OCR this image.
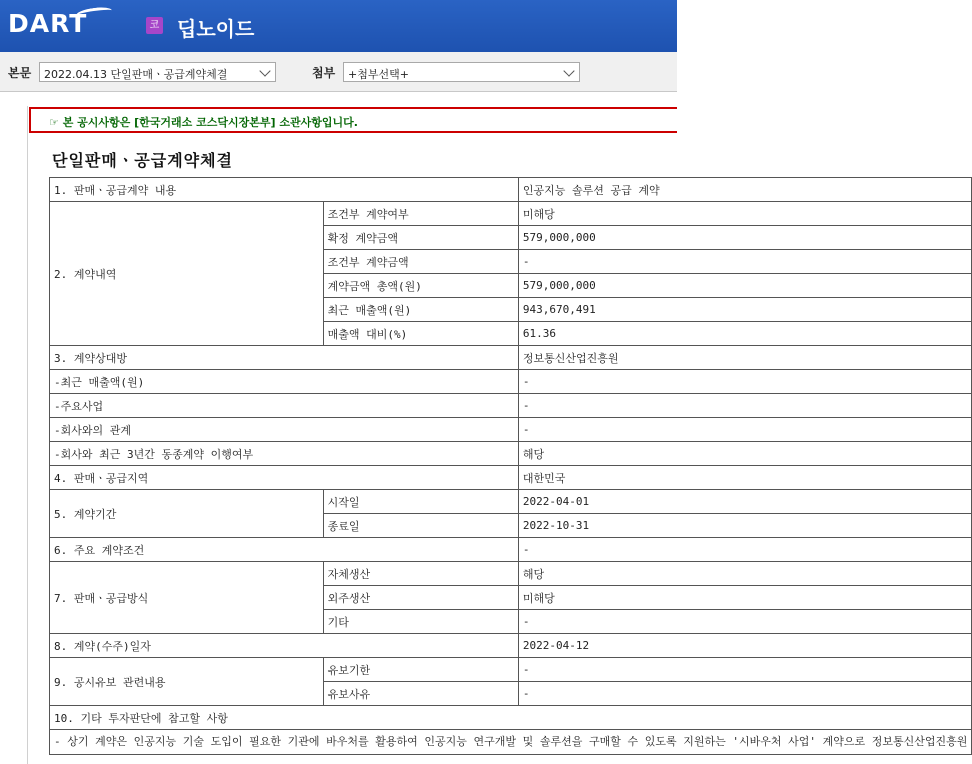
DART	코 딥노이드
본문	2022.04.13 단일판매ㆍ공급계약체결	첨부	+첨부선택+
☞ 본 공시사항은 [한국거래소 코스닥시장본부] 소관사항입니다.
단일판매ㆍ공급계약체결
1. 판매ㆍ공급계약 내용		인공지능 솔루션 공급 계약
2. 계약내역	조건부 계약여부	미해당
	확정 계약금액	579,000,000
	조건부 계약금액	-
	계약금액 총액(원)	579,000,000
	최근 매출액(원)	943,670,491
	매출액 대비(%)	61.36
3. 계약상대방		정보통신산업진흥원
-최근 매출액(원)		-
-주요사업		-
-회사와의 관계		-
-회사와 최근 3년간 동종계약 이행여부		해당
4. 판매ㆍ공급지역		대한민국
5. 계약기간	시작일	2022-04-01
	종료일	2022-10-31
6. 주요 계약조건		-
7. 판매ㆍ공급방식	자체생산	해당
	외주생산	미해당
	기타	-
8. 계약(수주)일자		2022-04-12
9. 공시유보 관련내용	유보기한	-
	유보사유	-
10. 기타 투자판단에 참고할 사항		
- 상기 계약은 인공지능 기술 도입이 필요한 기관에 바우처를 활용하여 인공지능 연구개발 및 솔루션을 구매할 수 있도록 지원하는 '시바우처 사업' 계약으로 정보통신산업진흥원		
